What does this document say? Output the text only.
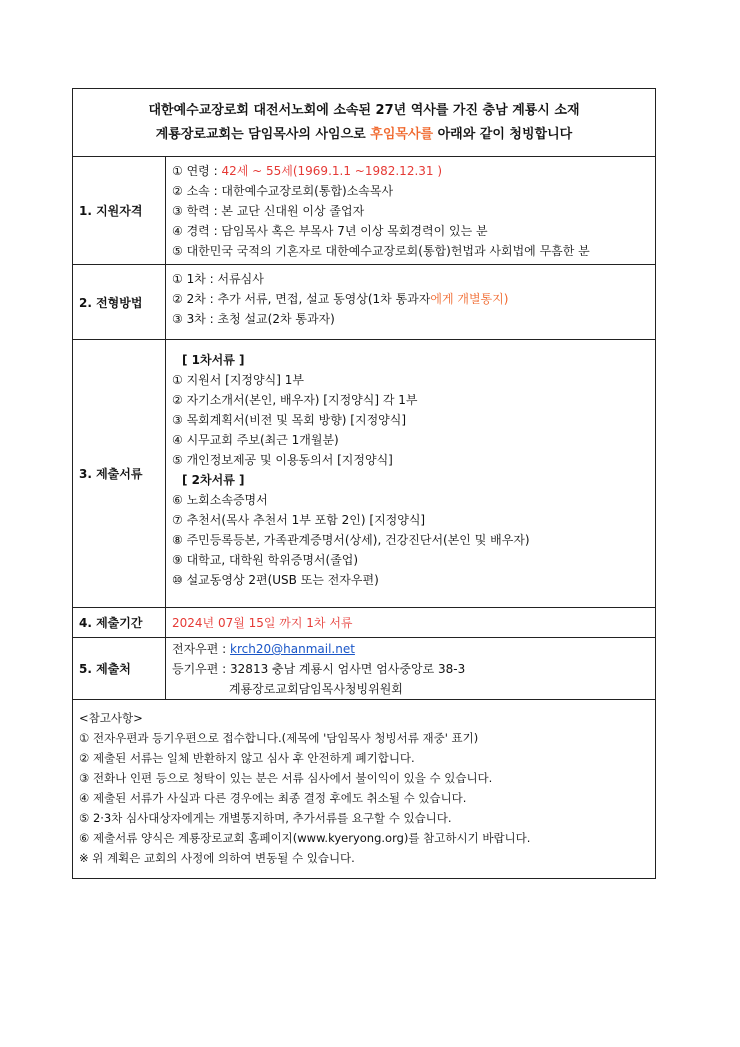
대한예수교장로회 대전서노회에 소속된 27년 역사를 가진 충남 계룡시 소재
계룡장로교회는 담임목사의 사임으로 후임목사를 아래와 같이 청빙합니다
1. 지원자격
① 연령 : 42세 ~ 55세(1969.1.1 ~1982.12.31 )
② 소속 : 대한예수교장로회(통합)소속목사
③ 학력 : 본 교단 신대원 이상 졸업자
④ 경력 : 담임목사 혹은 부목사 7년 이상 목회경력이 있는 분
⑤ 대한민국 국적의 기혼자로 대한예수교장로회(통합)헌법과 사회법에 무흠한 분
2. 전형방법
① 1차 : 서류심사
② 2차 : 추가 서류, 면접, 설교 동영상(1차 통과자에게 개별통지)
③ 3차 : 초청 설교(2차 통과자)
3. 제출서류
[ 1차서류 ]
① 지원서 [지정양식] 1부
② 자기소개서(본인, 배우자) [지정양식] 각 1부
③ 목회계획서(비전 및 목회 방향) [지정양식]
④ 시무교회 주보(최근 1개월분)
⑤ 개인정보제공 및 이용동의서 [지정양식]
[ 2차서류 ]
⑥ 노회소속증명서
⑦ 추천서(목사 추천서 1부 포함 2인) [지정양식]
⑧ 주민등록등본, 가족관계증명서(상세), 건강진단서(본인 및 배우자)
⑨ 대학교, 대학원 학위증명서(졸업)
⑩ 설교동영상 2편(USB 또는 전자우편)
4. 제출기간	2024년 07월 15일 까지 1차 서류
5. 제출처
전자우편 : krch20@hanmail.net
등기우편 : 32813 충남 계룡시 엄사면 엄사중앙로 38-3
계룡장로교회담임목사청빙위원회
<참고사항>
① 전자우편과 등기우편으로 접수합니다.(제목에 '담임목사 청빙서류 재중' 표기)
② 제출된 서류는 일체 반환하지 않고 심사 후 안전하게 폐기합니다.
③ 전화나 인편 등으로 청탁이 있는 분은 서류 심사에서 불이익이 있을 수 있습니다.
④ 제출된 서류가 사실과 다른 경우에는 최종 결정 후에도 취소될 수 있습니다.
⑤ 2·3차 심사대상자에게는 개별통지하며, 추가서류를 요구할 수 있습니다.
⑥ 제출서류 양식은 계룡장로교회 홈페이지(www.kyeryong.org)를 참고하시기 바랍니다.
※ 위 계획은 교회의 사정에 의하여 변동될 수 있습니다.
